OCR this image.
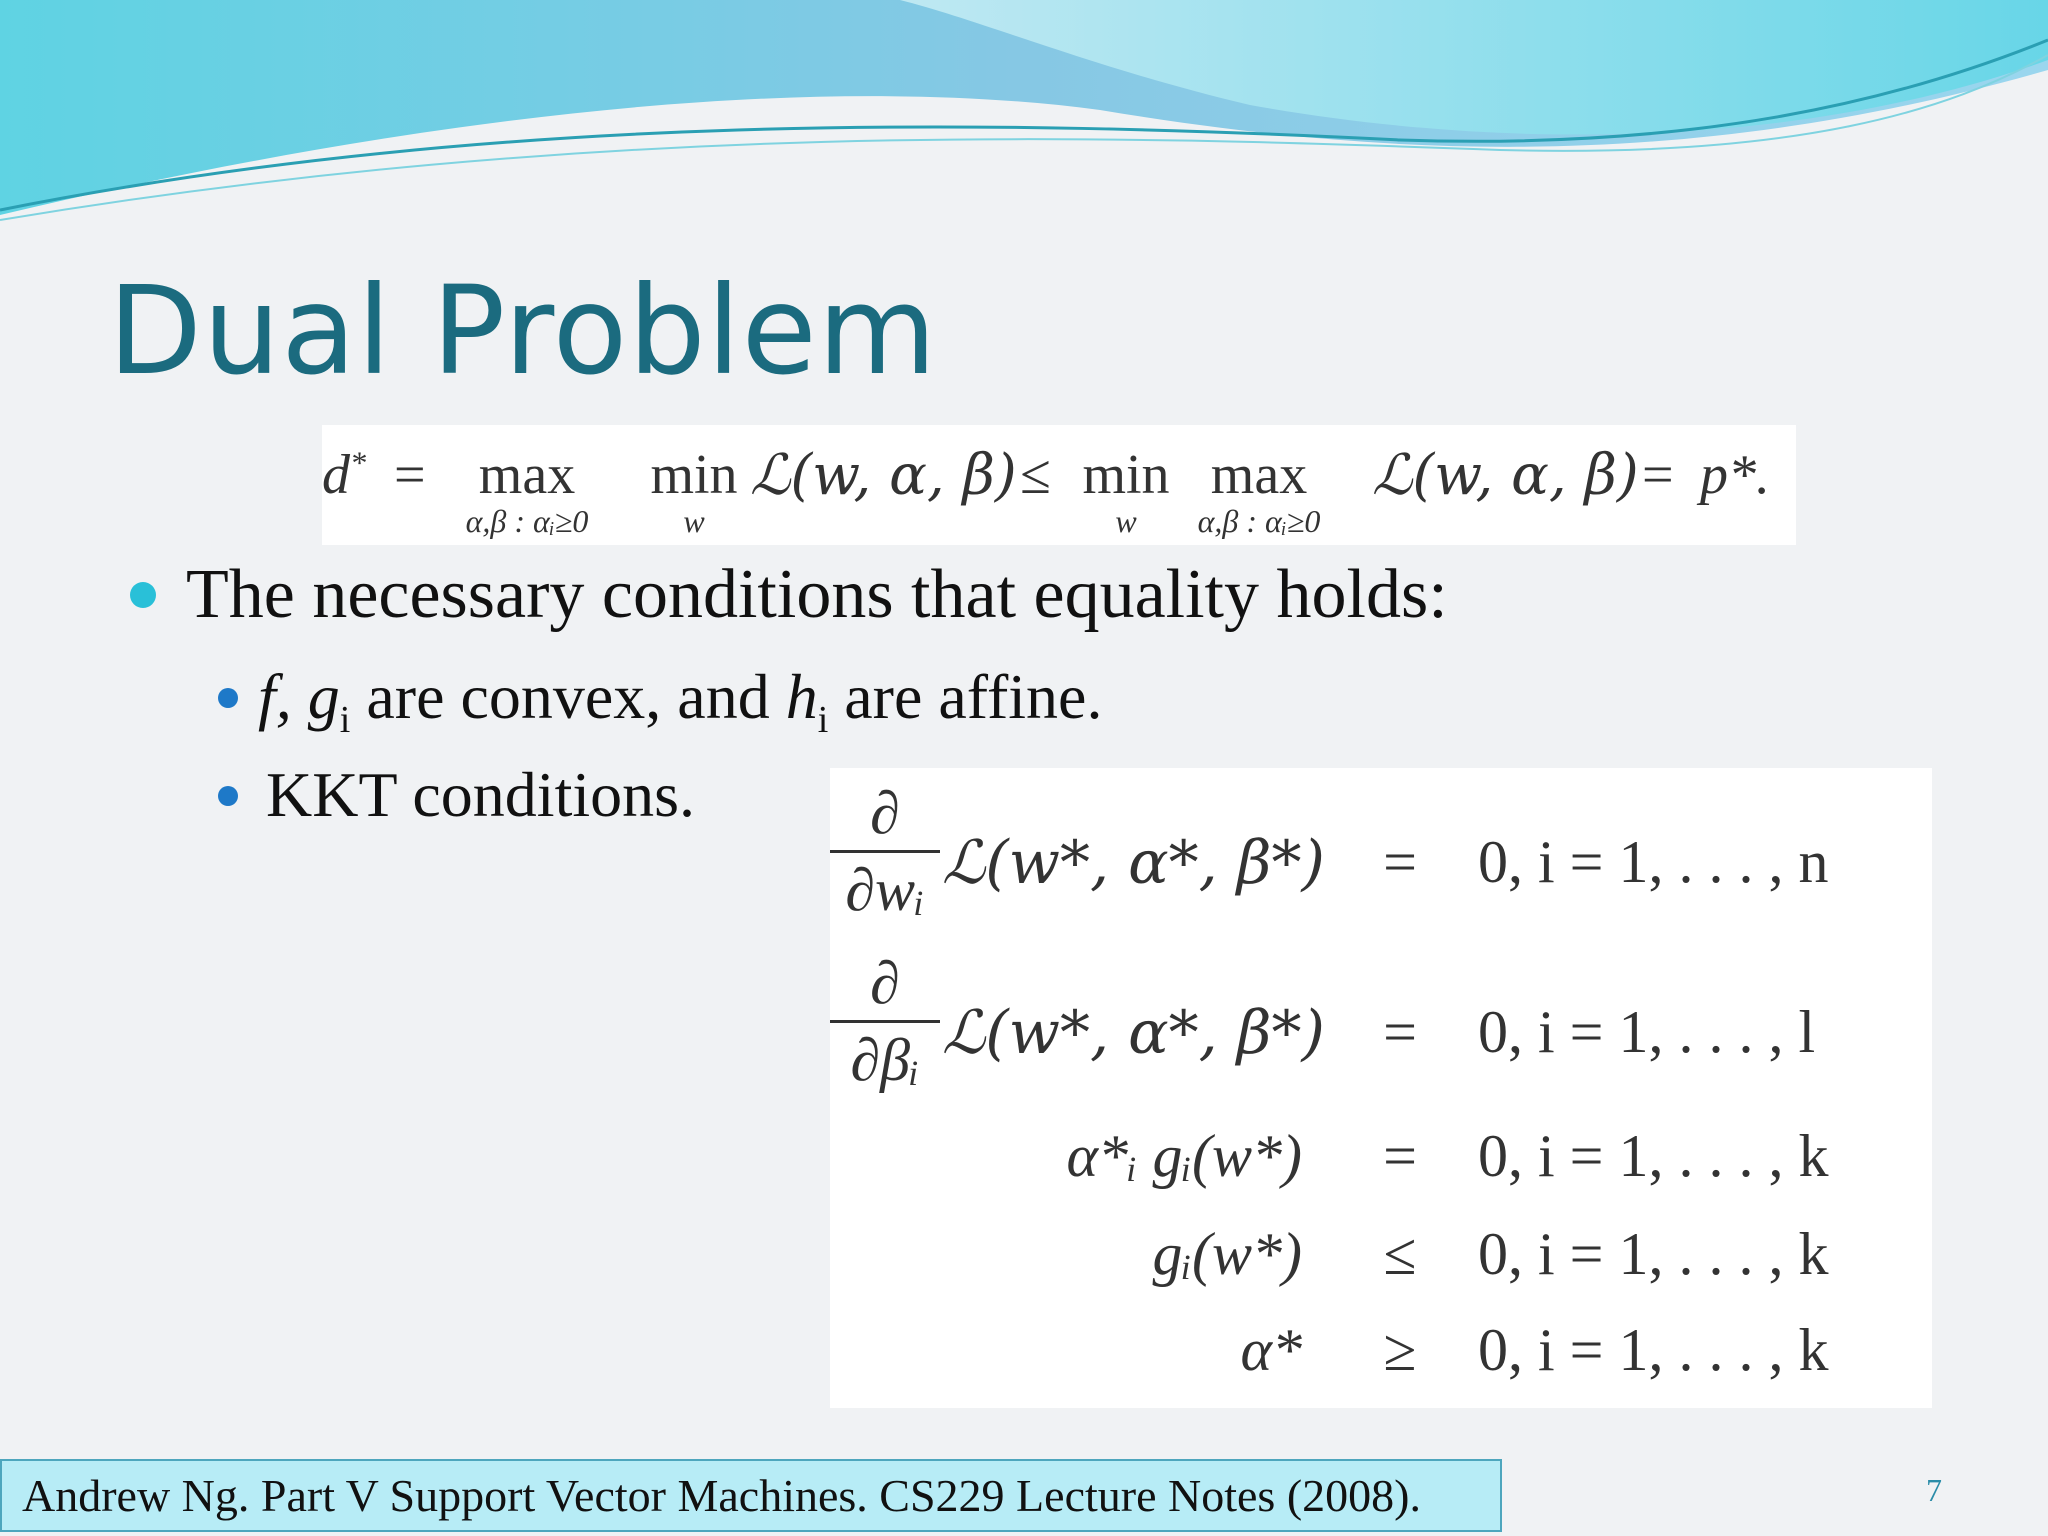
Dual Problem
d* = max
α,β : αᵢ≥0
min
w
ℒ(w, α, β) ≤ min
w
max
α,β : αᵢ≥0
ℒ(w, α, β) = p*.
The necessary conditions that equality holds:
f, $g_i$ are convex, and $h_i$ are affine.
KKT conditions.	∂
∂wᵢ ℒ(w*, α*, β*) = 0, i = 1, . . . , n
∂
∂βᵢ ℒ(w*, α*, β*) = 0, i = 1, . . . , l
α*ᵢ gᵢ(w*) = 0, i = 1, . . . , k
gᵢ(w*) ≤ 0, i = 1, . . . , k
α* ≥ 0, i = 1, . . . , k
Andrew Ng. Part V Support Vector Machines. CS229 Lecture Notes (2008).	7
